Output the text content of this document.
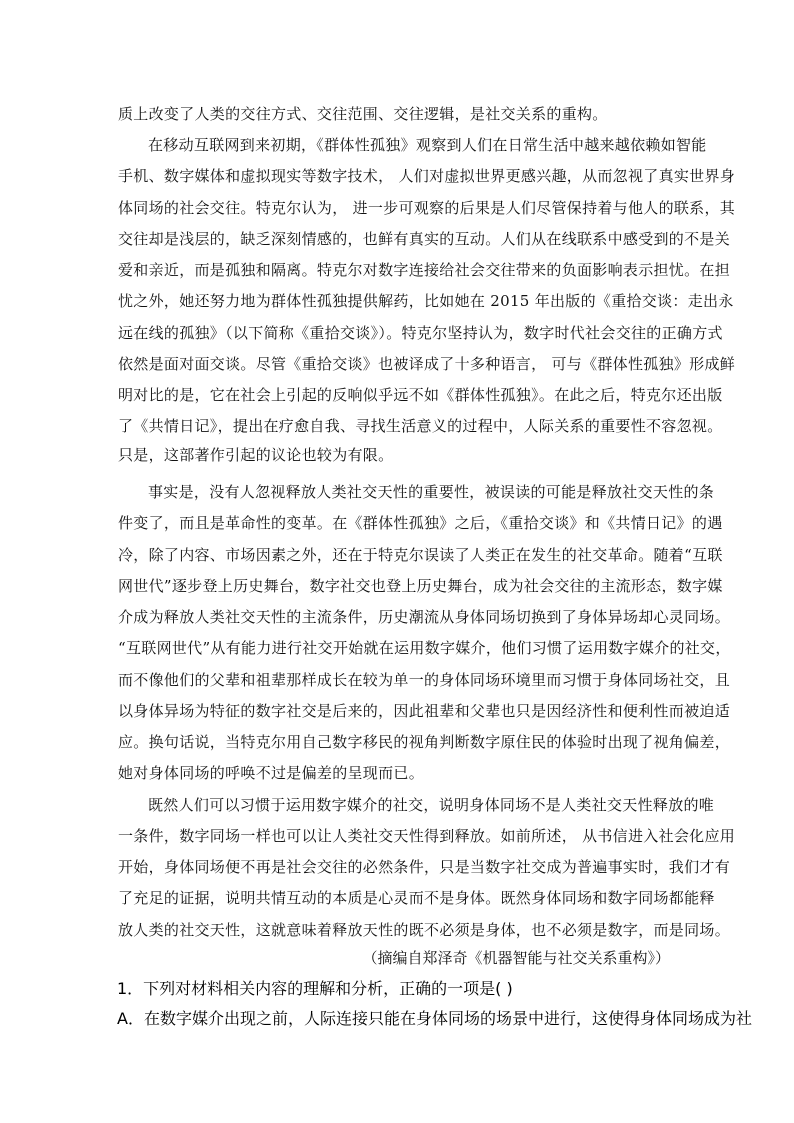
质上改变了人类的交往方式、交往范围、交往逻辑，是社交关系的重构。
在移动互联网到来初期，《群体性孤独》观察到人们在日常生活中越来越依赖如智能
手机、数字媒体和虚拟现实等数字技术， 人们对虚拟世界更感兴趣，从而忽视了真实世界身
体同场的社会交往。特克尔认为， 进一步可观察的后果是人们尽管保持着与他人的联系，其
交往却是浅层的，缺乏深刻情感的，也鲜有真实的互动。人们从在线联系中感受到的不是关
爱和亲近，而是孤独和隔离。特克尔对数字连接给社会交往带来的负面影响表示担忧。在担
忧之外，她还努力地为群体性孤独提供解药，比如她在 2015 年出版的《重拾交谈：走出永
远在线的孤独》（以下简称《重拾交谈》）。特克尔坚持认为，数字时代社会交往的正确方式
依然是面对面交谈。尽管《重拾交谈》也被译成了十多种语言， 可与《群体性孤独》形成鲜
明对比的是，它在社会上引起的反响似乎远不如《群体性孤独》。在此之后，特克尔还出版
了《共情日记》，提出在疗愈自我、寻找生活意义的过程中，人际关系的重要性不容忽视。
只是，这部著作引起的议论也较为有限。
事实是，没有人忽视释放人类社交天性的重要性，被误读的可能是释放社交天性的条
件变了，而且是革命性的变革。在《群体性孤独》之后，《重拾交谈》和《共情日记》的遇
冷，除了内容、市场因素之外，还在于特克尔误读了人类正在发生的社交革命。随着“互联
网世代”逐步登上历史舞台，数字社交也登上历史舞台，成为社会交往的主流形态，数字媒
介成为释放人类社交天性的主流条件，历史潮流从身体同场切换到了身体异场却心灵同场。
“互联网世代”从有能力进行社交开始就在运用数字媒介，他们习惯了运用数字媒介的社交，
而不像他们的父辈和祖辈那样成长在较为单一的身体同场环境里而习惯于身体同场社交，且
以身体异场为特征的数字社交是后来的，因此祖辈和父辈也只是因经济性和便利性而被迫适
应。换句话说，当特克尔用自己数字移民的视角判断数字原住民的体验时出现了视角偏差，
她对身体同场的呼唤不过是偏差的呈现而已。
既然人们可以习惯于运用数字媒介的社交，说明身体同场不是人类社交天性释放的唯
一条件，数字同场一样也可以让人类社交天性得到释放。如前所述， 从书信进入社会化应用
开始，身体同场便不再是社会交往的必然条件，只是当数字社交成为普遍事实时，我们才有
了充足的证据，说明共情互动的本质是心灵而不是身体。既然身体同场和数字同场都能释
放人类的社交天性，这就意味着释放天性的既不必须是身体，也不必须是数字，而是同场。
（摘编自郑泽奇《机器智能与社交关系重构》）
1．下列对材料相关内容的理解和分析，正确的一项是( )
A．在数字媒介出现之前，人际连接只能在身体同场的场景中进行，这使得身体同场成为社
